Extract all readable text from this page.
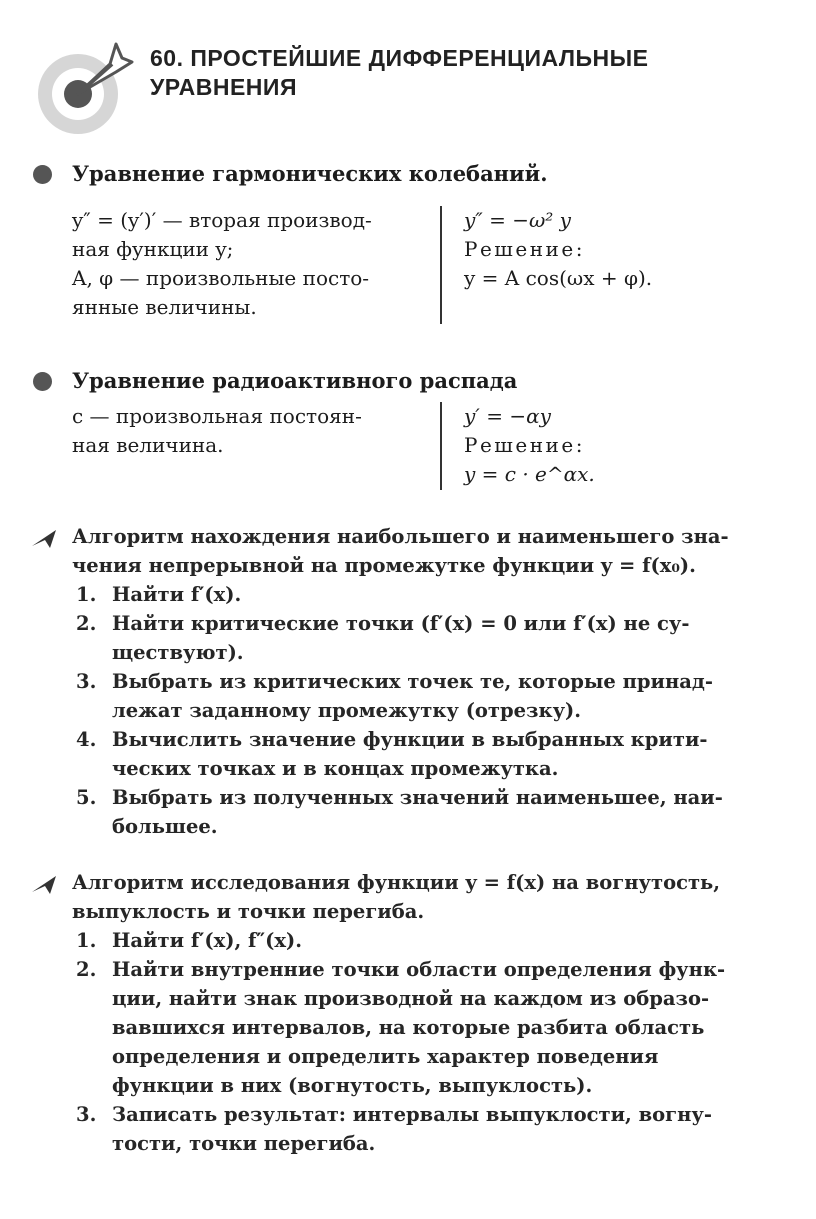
60. ПРОСТЕЙШИЕ ДИФФЕРЕНЦИАЛЬНЫЕ
УРАВНЕНИЯ
Уравнение гармонических колебаний.
y″ = (y′)′ — вторая производ-
ная функции y;
A, φ — произвольные посто-
янные величины.
y″ = −ω² y
Решение:
y = A cos(ωx + φ).
Уравнение радиоактивного распада
c — произвольная постоян-
ная величина.
y′ = −αy
Решение:
y = c · e^αx.
Алгоритм нахождения наибольшего и наименьшего зна-
чения непрерывной на промежутке функции y = f(x₀).
1. Найти f′(x).
2. Найти критические точки (f′(x) = 0 или f′(x) не су-
ществуют).
3. Выбрать из критических точек те, которые принад-
лежат заданному промежутку (отрезку).
4. Вычислить значение функции в выбранных крити-
ческих точках и в концах промежутка.
5. Выбрать из полученных значений наименьшее, наи-
большее.
Алгоритм исследования функции y = f(x) на вогнутость,
выпуклость и точки перегиба.
1. Найти f′(x), f″(x).
2. Найти внутренние точки области определения функ-
ции, найти знак производной на каждом из образо-
вавшихся интервалов, на которые разбита область
определения и определить характер поведения
функции в них (вогнутость, выпуклость).
3. Записать результат: интервалы выпуклости, вогну-
тости, точки перегиба.
